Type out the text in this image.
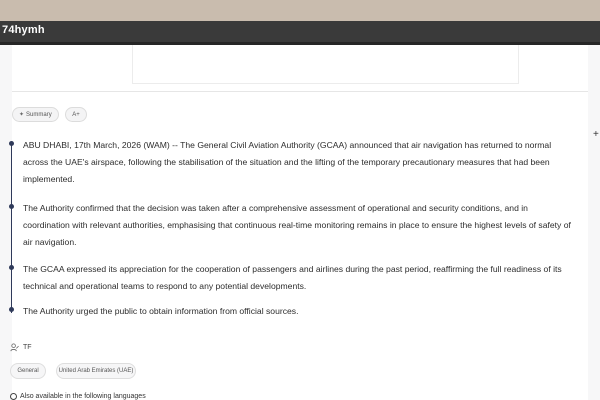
74hymh
✦ Summary	A+
+

ABU DHABI, 17th March, 2026 (WAM) -- The General Civil Aviation Authority (GCAA) announced that air navigation has returned to normal across the UAE's airspace, following the stabilisation of the situation and the lifting of the temporary precautionary measures that had been implemented.

The Authority confirmed that the decision was taken after a comprehensive assessment of operational and security conditions, and in coordination with relevant authorities, emphasising that continuous real-time monitoring remains in place to ensure the highest levels of safety of air navigation.

The GCAA expressed its appreciation for the cooperation of passengers and airlines during the past period, reaffirming the full readiness of its technical and operational teams to respond to any potential developments.

The Authority urged the public to obtain information from official sources.

TF
General	United Arab Emirates (UAE)
Also available in the following languages
